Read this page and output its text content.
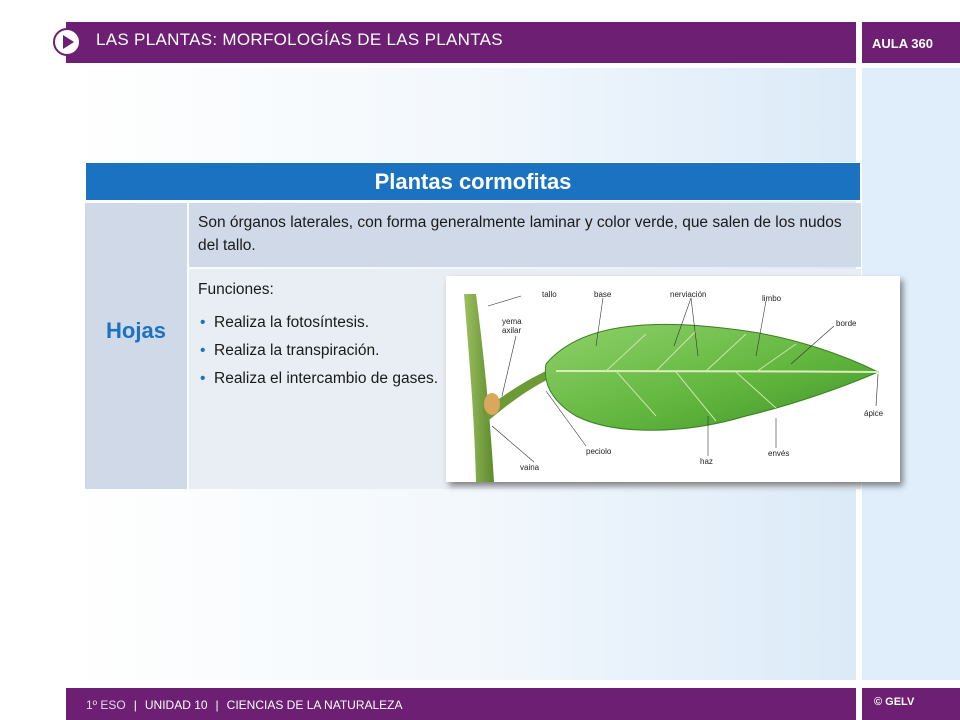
LAS PLANTAS: MORFOLOGÍAS DE LAS PLANTAS	AULA 360
Plantas cormofitas
Hojas
Son órganos laterales, con forma generalmente laminar y color verde, que salen de los nudos del tallo.
Funciones:
• Realiza la fotosíntesis.
• Realiza la transpiración.
• Realiza el intercambio de gases.
tallo	base	nerviación	limbo
yema
axilar
borde
ápice
vaina
peciolo
haz
envés
1º ESO | UNIDAD 10 | CIENCIAS DE LA NATURALEZA	© GELV
